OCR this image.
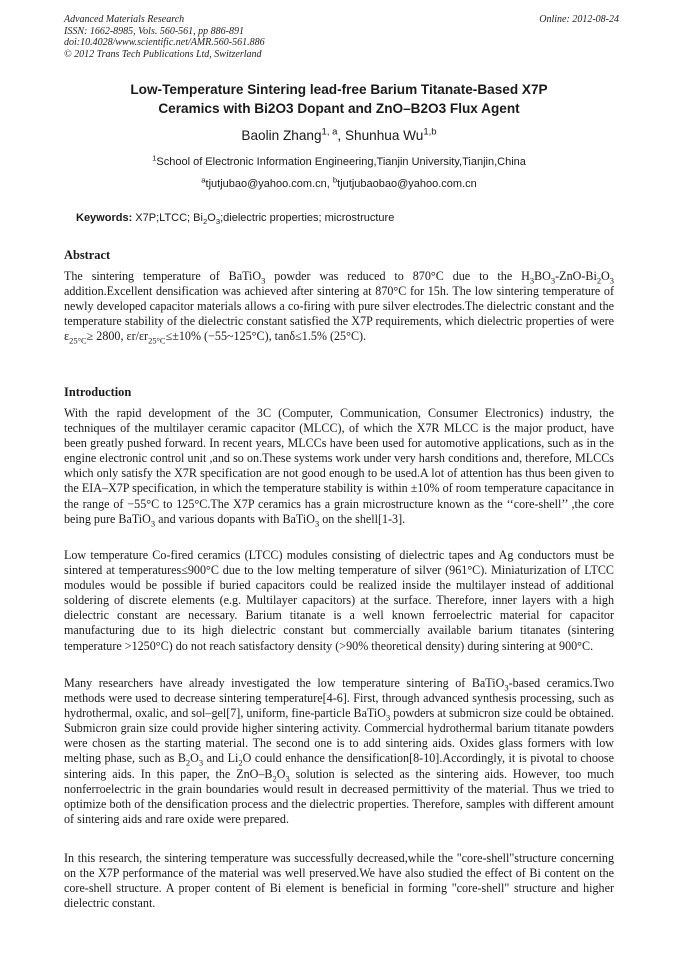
Advanced Materials Research
ISSN: 1662-8985, Vols. 560-561, pp 886-891
doi:10.4028/www.scientific.net/AMR.560-561.886
© 2012 Trans Tech Publications Ltd, Switzerland
Online: 2012-08-24
Low-Temperature Sintering lead-free Barium Titanate-Based X7P
Ceramics with Bi2O3 Dopant and ZnO–B2O3 Flux Agent
Baolin Zhang$^{1, a}$, Shunhua Wu$^{1,b}$
$^1$School of Electronic Information Engineering,Tianjin University,Tianjin,China
$^a$tjutjubao@yahoo.com.cn, $^b$tjutjubaobao@yahoo.com.cn
Keywords: X7P;LTCC; $Bi_2O_3;dielectric$ properties; microstructure
Abstract
The sintering temperature of BaTiO$_3$ powder was reduced to 870°C due to the $H_3BO_3-ZnO-Bi_2O_3$ addition.Excellent densification was achieved after sintering at 870°C for 15h. The low sintering temperature of newly developed capacitor materials allows a co-firing with pure silver electrodes.The dielectric constant and the temperature stability of the dielectric constant satisfied the X7P requirements, which dielectric properties of were $\varepsilon_{25^\circ C}\ge 2800$, $\varepsilon r/\varepsilon r_{25^\circ C}\le\pm 10\%$ (−55~125°C), tanδ≤1.5% (25°C).
Introduction
With the rapid development of the 3C (Computer, Communication, Consumer Electronics) industry, the techniques of the multilayer ceramic capacitor (MLCC), of which the X7R MLCC is the major product, have been greatly pushed forward. In recent years, MLCCs have been used for automotive applications, such as in the engine electronic control unit ,and so on.These systems work under very harsh conditions and, therefore, MLCCs which only satisfy the X7R specification are not good enough to be used.A lot of attention has thus been given to the EIA–X7P specification, in which the temperature stability is within ±10% of room temperature capacitance in the range of −55°C to 125°C.The X7P ceramics has a grain microstructure known as the ‘‘core-shell’’ ,the core being pure BaTiO$_3$ and various dopants with BaTiO$_3$ on the shell[1-3].
Low temperature Co-fired ceramics (LTCC) modules consisting of dielectric tapes and Ag conductors must be sintered at temperatures≤900°C due to the low melting temperature of silver (961°C). Miniaturization of LTCC modules would be possible if buried capacitors could be realized inside the multilayer instead of additional soldering of discrete elements (e.g. Multilayer capacitors) at the surface. Therefore, inner layers with a high dielectric constant are necessary. Barium titanate is a well known ferroelectric material for capacitor manufacturing due to its high dielectric constant but commercially available barium titanates (sintering temperature >1250°C) do not reach satisfactory density (>90% theoretical density) during sintering at 900°C.
Many researchers have already investigated the low temperature sintering of BaTiO$_3$-based ceramics.Two methods were used to decrease sintering temperature[4-6]. First, through advanced synthesis processing, such as hydrothermal, oxalic, and sol–gel[7], uniform, fine-particle BaTiO$_3$ powders at submicron size could be obtained. Submicron grain size could provide higher sintering activity. Commercial hydrothermal barium titanate powders were chosen as the starting material. The second one is to add sintering aids. Oxides glass formers with low melting phase, such as $B_2O_3$ and $Li_2O$ could enhance the densification[8-10].Accordingly, it is pivotal to choose sintering aids. In this paper, the ZnO–$B_2O_3$ solution is selected as the sintering aids. However, too much nonferroelectric in the grain boundaries would result in decreased permittivity of the material. Thus we tried to optimize both of the densification process and the dielectric properties. Therefore, samples with different amount of sintering aids and rare oxide were prepared.
In this research, the sintering temperature was successfully decreased,while the "core-shell"structure concerning on the X7P performance of the material was well preserved.We have also studied the effect of Bi content on the core-shell structure. A proper content of Bi element is beneficial in forming "core-shell" structure and higher dielectric constant.
